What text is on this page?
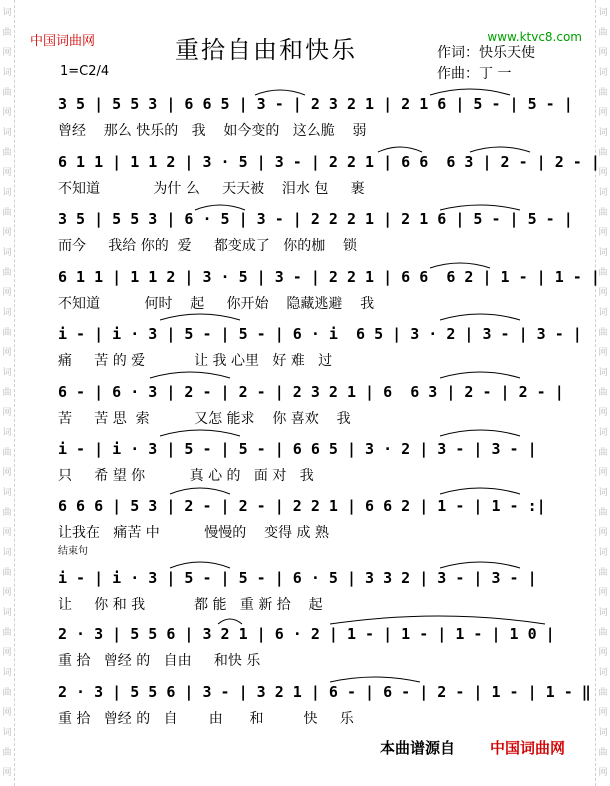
词
曲
网
词
曲
网
词
曲
网
词
曲
网
词
曲
网
词
曲
网
词
曲
网
词
曲
网
词
曲
网
词
曲
网
词
曲
网
词
曲
网
词
曲
网
词
曲
网
词
曲
网
词
曲
网
词
曲
网
词
曲
网
词
曲
网
词
曲
网
词
曲
网
词
曲
网
词
曲
网
词
曲
网
词
曲
网
词
曲
网
中国词曲网	www.ktvc8.com
重拾自由和快乐	作词：快乐天使
作曲：丁 一
1=C2/4
3 5 | 5 5 3 | 6 6 5 | 3 - | 2 3 2 1 | 2 1 6 | 5 - | 5 - |
曾经    那么 快乐的   我    如今变的   这么脆    弱
6 1 1 | 1 1 2 | 3 · 5 | 3 - | 2 2 1 | 6 6  6 3 | 2 - | 2 - |
不知道            为什 么     天天被    泪水 包     裹
3 5 | 5 5 3 | 6 · 5 | 3 - | 2 2 2 1 | 2 1 6 | 5 - | 5 - |
而今     我给 你的  爱     都变成了   你的枷    锁
6 1 1 | 1 1 2 | 3 · 5 | 3 - | 2 2 1 | 6 6  6 2 | 1 - | 1 - |
不知道          何时    起     你开始    隐藏逃避    我
i - | i · 3 | 5 - | 5 - | 6 · i  6 5 | 3 · 2 | 3 - | 3 - |
痛     苦 的 爱           让 我 心里   好 难   过
6 - | 6 · 3 | 2 - | 2 - | 2 3 2 1 | 6  6 3 | 2 - | 2 - |
苦     苦 思  索          又怎 能求    你 喜欢    我
i - | i · 3 | 5 - | 5 - | 6 6 5 | 3 · 2 | 3 - | 3 - |
只     希 望 你          真 心 的   面 对   我
6 6 6 | 5 3 | 2 - | 2 - | 2 2 1 | 6 6 2 | 1 - | 1 - :|
让我在   痛苦 中          慢慢的    变得 成 熟
i - | i · 3 | 5 - | 5 - | 6 · 5 | 3 3 2 | 3 - | 3 - |
让     你 和 我           都 能   重 新 拾    起
2 · 3 | 5 5 6 | 3 2 1 | 6 · 2 | 1 - | 1 - | 1 - | 1 0 |
重 拾   曾经 的   自由     和快 乐
2 · 3 | 5 5 6 | 3 - | 3 2 1 | 6 - | 6 - | 2 - | 1 - | 1 - ‖
重 拾   曾经 的   自       由      和         快     乐
结束句
本曲谱源自 中国词曲网
